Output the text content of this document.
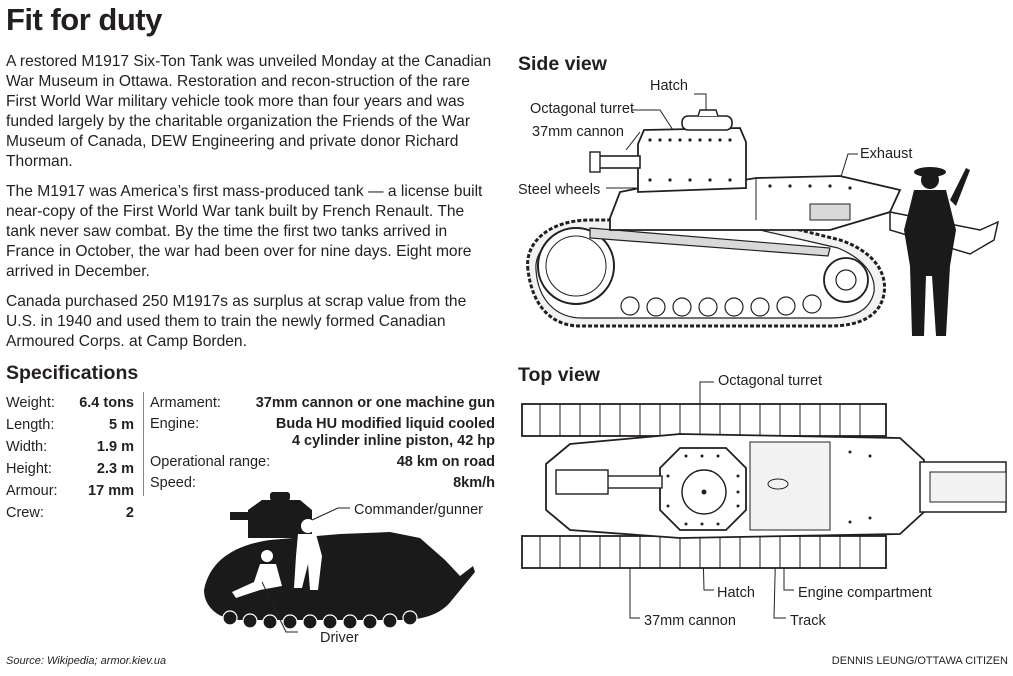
Fit for duty
A restored M1917 Six-Ton Tank was unveiled Monday at the Canadian War Museum in Ottawa. Restoration and recon-struction of the rare First World War military vehicle took more than four years and was funded largely by the charitable organization the Friends of the War Museum of Canada, DEW Engineering and private donor Richard Thorman.
The M1917 was America’s first mass-produced tank — a license built near-copy of the First World War tank built by French Renault. The tank never saw combat. By the time the first two tanks arrived in France in October, the war had been over for nine days. Eight more arrived in December.
Canada purchased 250 M1917s as surplus at scrap value from the U.S. in 1940 and used them to train the newly formed Canadian Armoured Corps. at Camp Borden.
Specifications
Weight: 6.4 tons
Length:	5 m
Width:	1.9 m
Height:	2.3 m
Armour: 17 mm
Crew:	2
Armament: 37mm cannon or one machine gun
Engine:	Buda HU modified liquid cooled
4 cylinder inline piston, 42 hp
Operational range:	48 km on road
Speed:	8km/h
Commander/gunner
Driver
Side view
Hatch
Octagonal turret
37mm cannon
Exhaust
Steel wheels
Top view	Octagonal turret
Hatch	Engine compartment
37mm cannon	Track
Source: Wikipedia; armor.kiev.ua	DENNIS LEUNG/OTTAWA CITIZEN
